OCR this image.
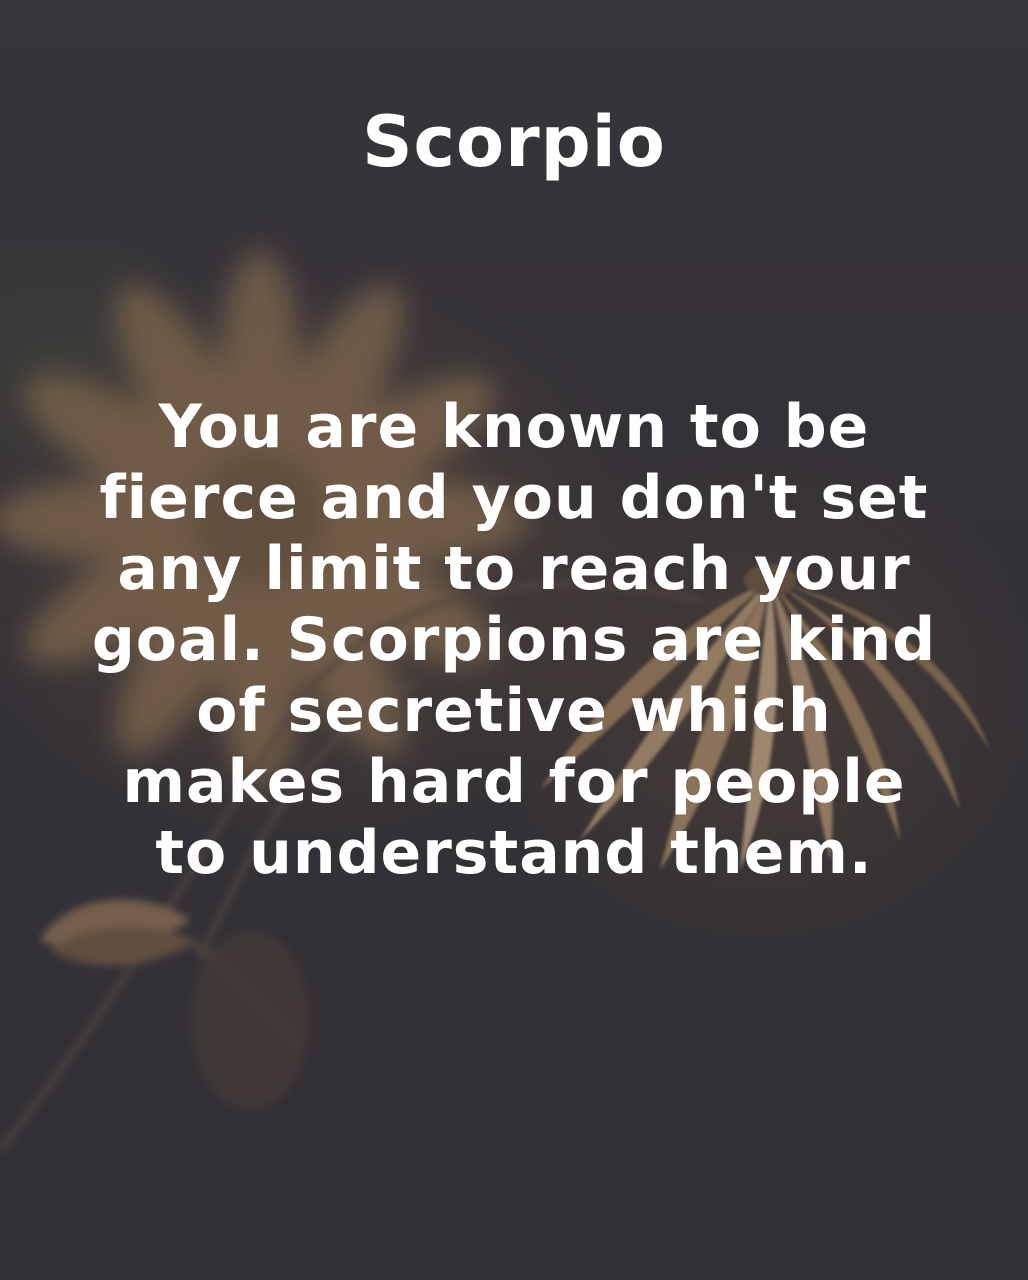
Scorpio
You are known to be
fierce and you don't set
any limit to reach your
goal. Scorpions are kind
of secretive which
makes hard for people
to understand them.
